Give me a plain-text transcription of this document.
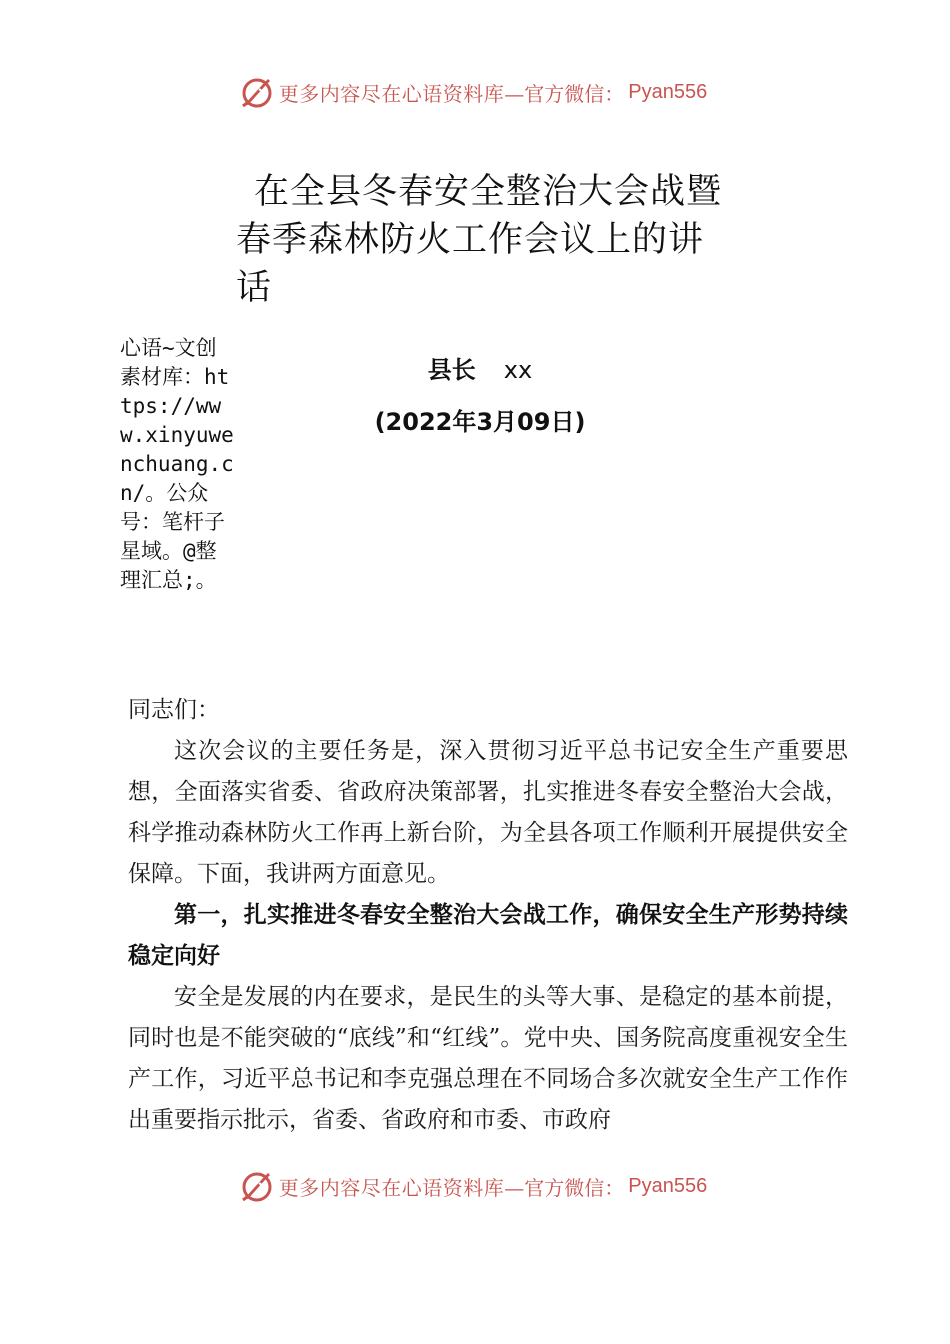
更多内容尽在心语资料库 —官方微信： Pyan556
在全县冬春安全整治大会战暨
春季森林防火工作会议上的讲
话
心语~文创素材库：https://www.xinyuwenchuang.cn/。公众号：笔杆子星域。@整理汇总;。
县长 xx
(2022年3月09日)

同志们：

这次会议的主要任务是，深入贯彻习近平总书记安全生产重要思想，全面落实省委、省政府决策部署，扎实推进冬春安全整治大会战，科学推动森林防火工作再上新台阶，为全县各项工作顺利开展提供安全保障。下面，我讲两方面意见。

第一，扎实推进冬春安全整治大会战工作，确保安全生产形势持续稳定向好

安全是发展的内在要求，是民生的头等大事、是稳定的基本前提，同时也是不能突破的“底线”和“红线”。党中央、国务院高度重视安全生产工作，习近平总书记和李克强总理在不同场合多次就安全生产工作作出重要指示批示，省委、省政府和市委、市政府

更多内容尽在心语资料库 —官方微信： Pyan556
